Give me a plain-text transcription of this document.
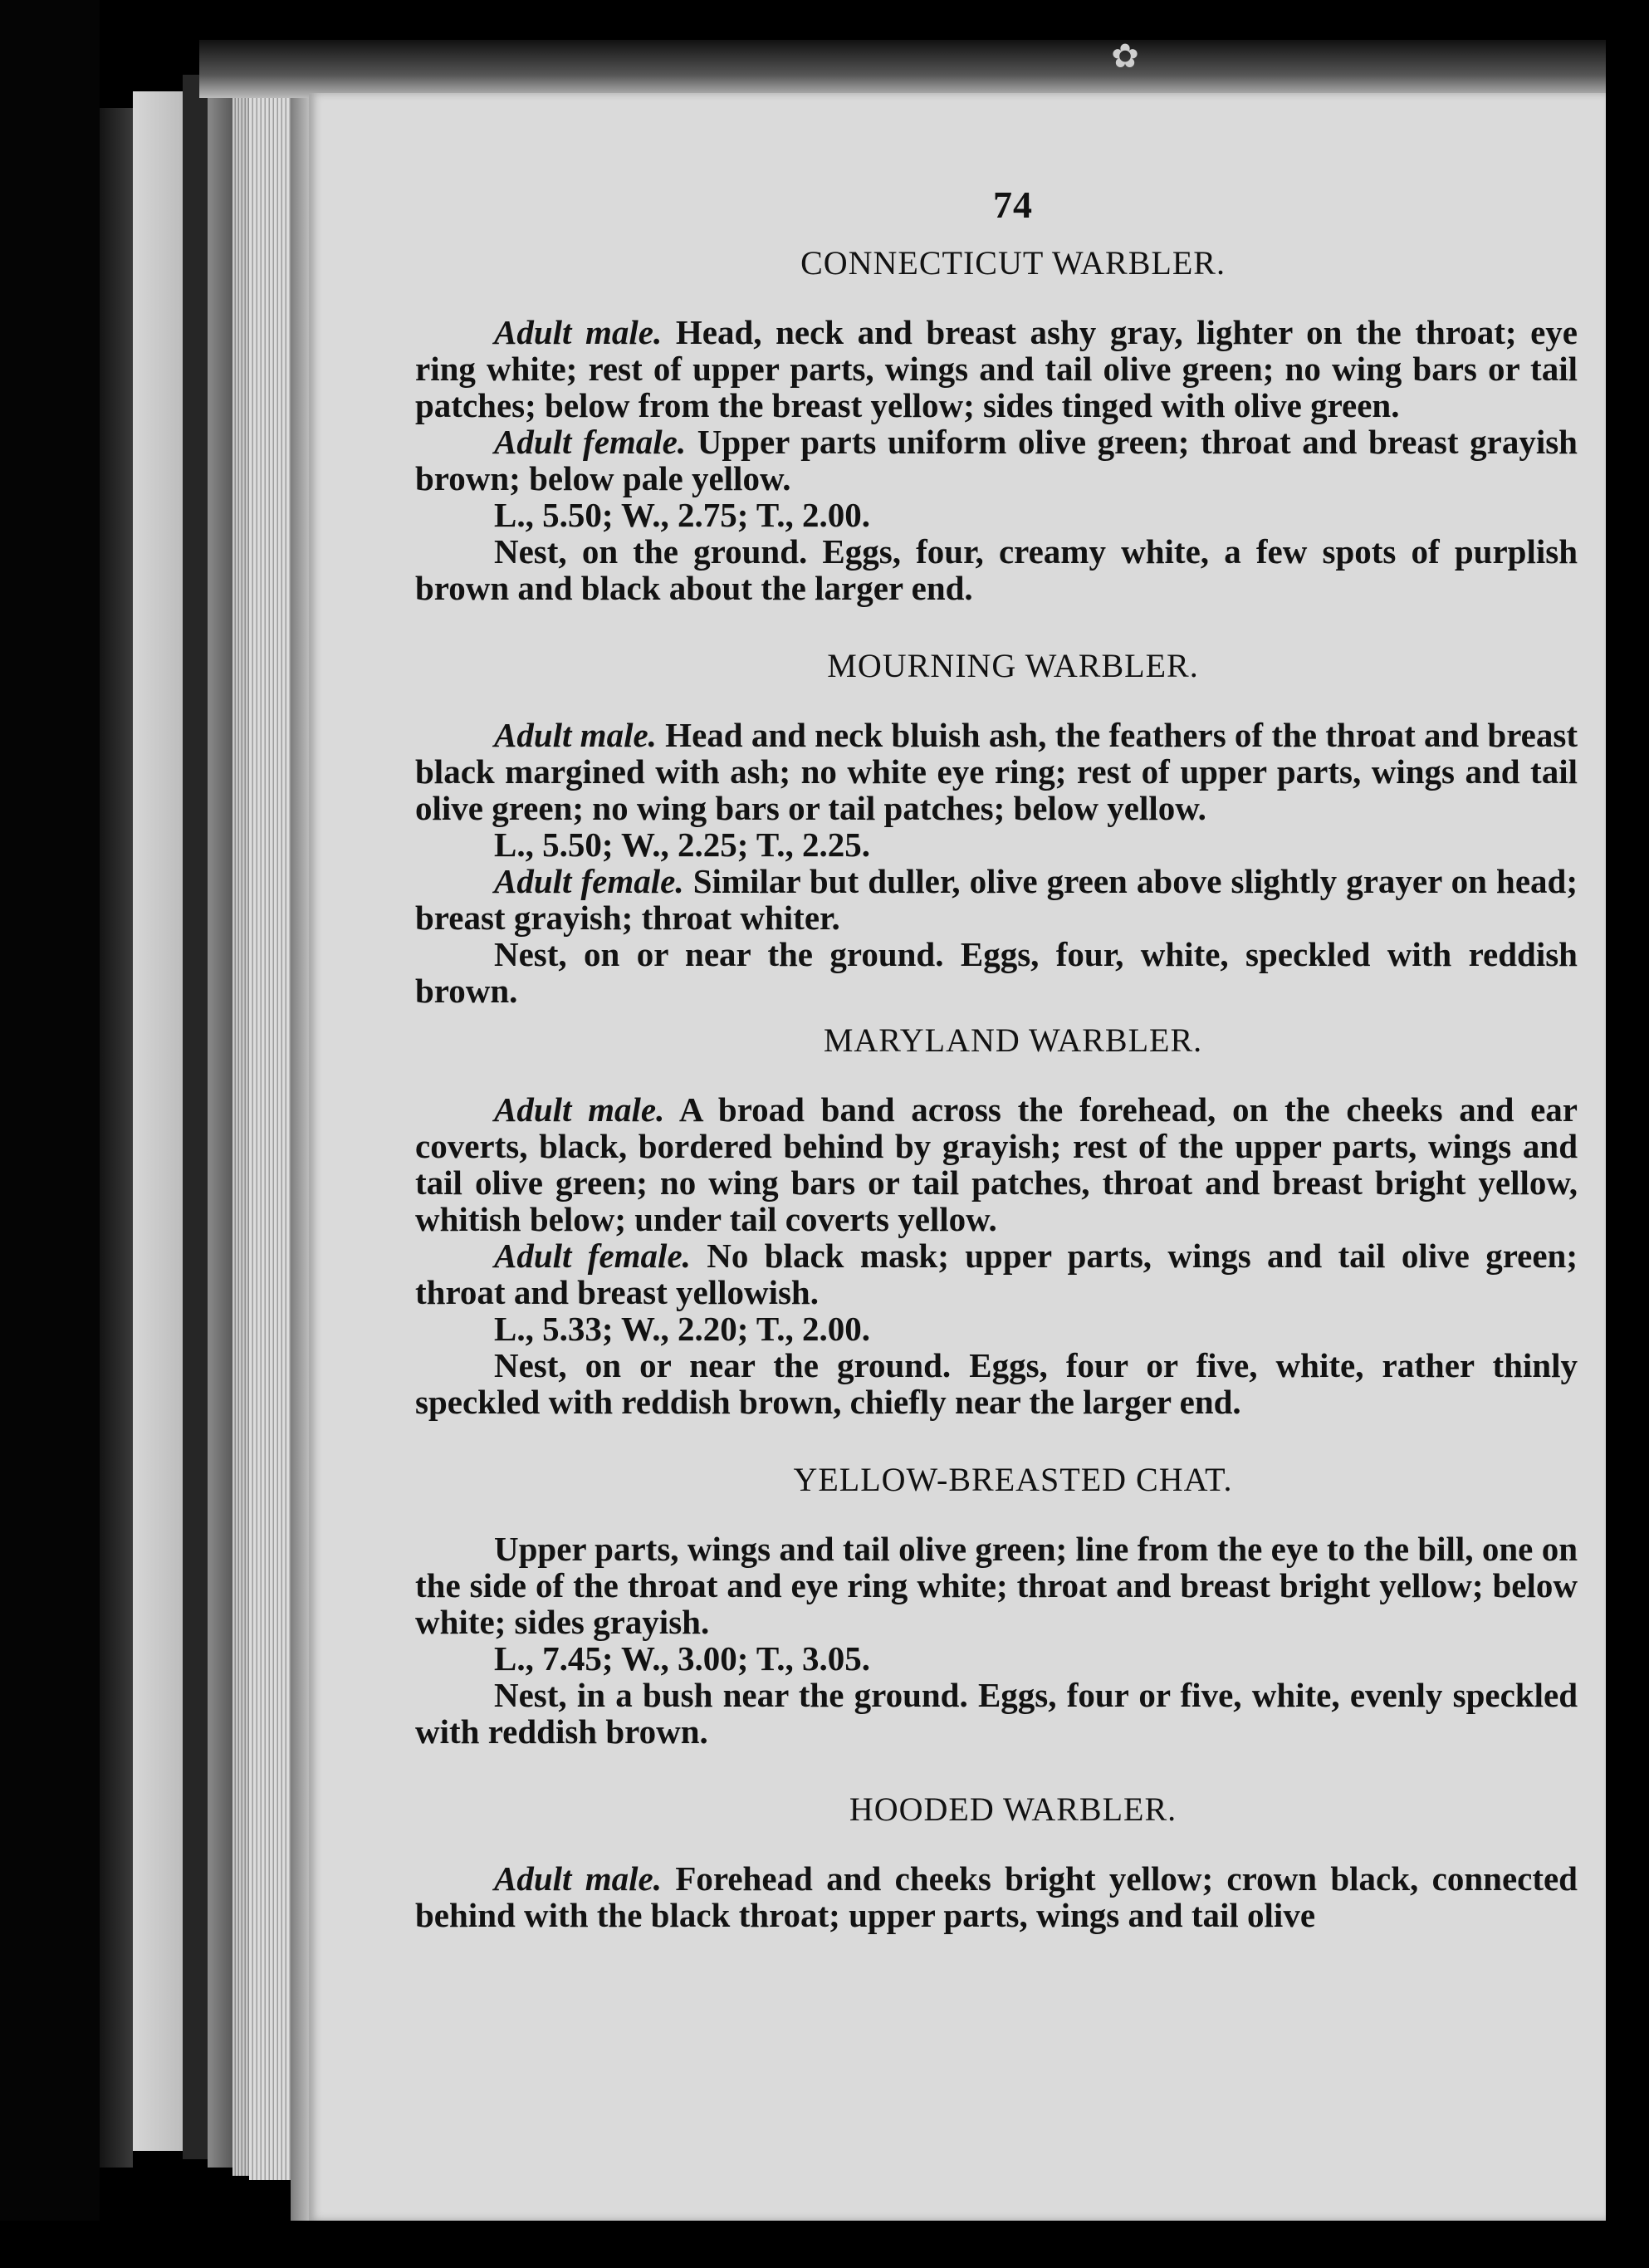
✿
74
CONNECTICUT WARBLER.

Adult male. Head, neck and breast ashy gray, lighter on the throat; eye ring white; rest of upper parts, wings and tail olive green; no wing bars or tail patches; below from the breast yellow; sides tinged with olive green.

Adult female. Upper parts uniform olive green; throat and breast grayish brown; below pale yellow.

L., 5.50; W., 2.75; T., 2.00.

Nest, on the ground. Eggs, four, creamy white, a few spots of purplish brown and black about the larger end.

MOURNING WARBLER.

Adult male. Head and neck bluish ash, the feathers of the throat and breast black margined with ash; no white eye ring; rest of upper parts, wings and tail olive green; no wing bars or tail patches; below yellow.

L., 5.50; W., 2.25; T., 2.25.

Adult female. Similar but duller, olive green above slightly grayer on head; breast grayish; throat whiter.

Nest, on or near the ground. Eggs, four, white, speckled with reddish brown.

MARYLAND WARBLER.

Adult male. A broad band across the forehead, on the cheeks and ear coverts, black, bordered behind by grayish; rest of the upper parts, wings and tail olive green; no wing bars or tail patches, throat and breast bright yellow, whitish below; under tail coverts yellow.

Adult female. No black mask; upper parts, wings and tail olive green; throat and breast yellowish.

L., 5.33; W., 2.20; T., 2.00.

Nest, on or near the ground. Eggs, four or five, white, rather thinly speckled with reddish brown, chiefly near the larger end.

YELLOW-BREASTED CHAT.

Upper parts, wings and tail olive green; line from the eye to the bill, one on the side of the throat and eye ring white; throat and breast bright yellow; below white; sides grayish.

L., 7.45; W., 3.00; T., 3.05.

Nest, in a bush near the ground. Eggs, four or five, white, evenly speckled with reddish brown.

HOODED WARBLER.

Adult male. Forehead and cheeks bright yellow; crown black, connected behind with the black throat; upper parts, wings and tail olive
